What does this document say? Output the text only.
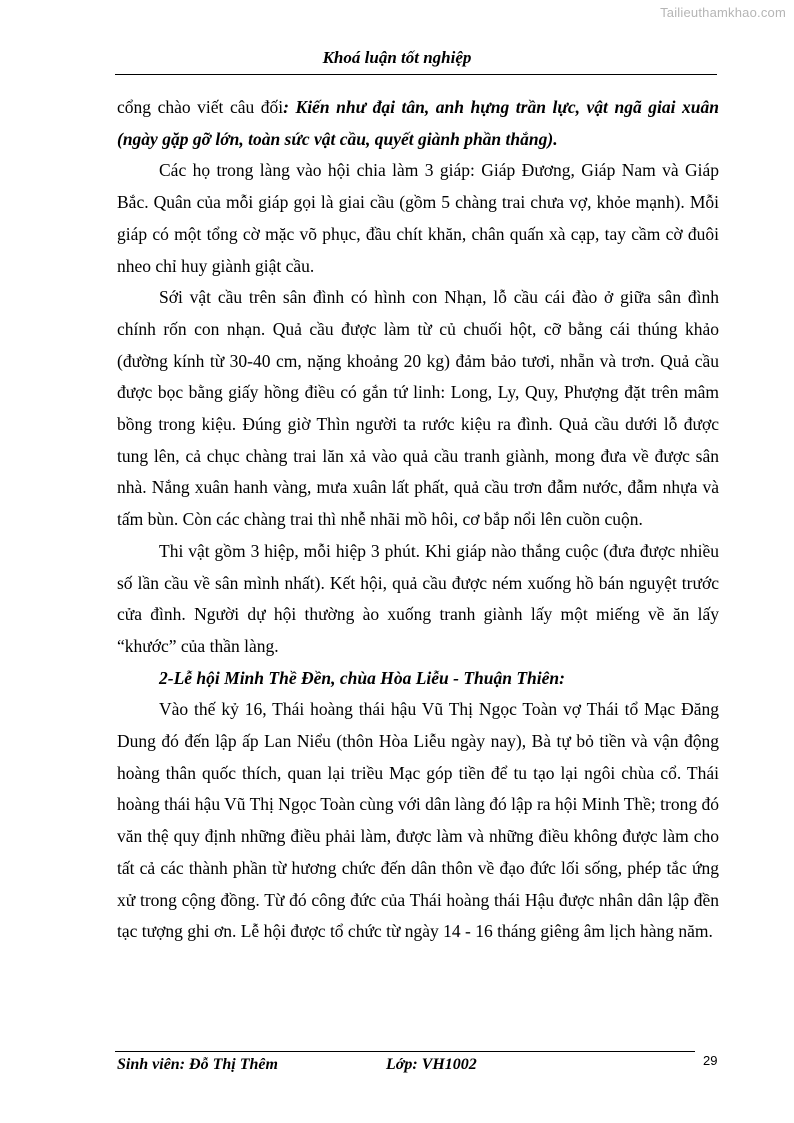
Tailieuthamkhao.com
Khoá luận tốt nghiệp

cổng chào viết câu đối: Kiến như đại tân, anh hựng trần lực, vật ngã giai xuân (ngày gặp gỡ lớn, toàn sức vật cầu, quyết giành phần thắng).

Các họ trong làng vào hội chia làm 3 giáp: Giáp Đương, Giáp Nam và Giáp Bắc. Quân của mỗi giáp gọi là giai cầu (gồm 5 chàng trai chưa vợ, khỏe mạnh). Mỗi giáp có một tổng cờ mặc võ phục, đầu chít khăn, chân quấn xà cạp, tay cầm cờ đuôi nheo chỉ huy giành giật cầu.

Sới vật cầu trên sân đình có hình con Nhạn, lỗ cầu cái đào ở giữa sân đình chính rốn con nhạn. Quả cầu được làm từ củ chuối hột, cỡ bằng cái thúng khảo (đường kính từ 30-40 cm, nặng khoảng 20 kg) đảm bảo tươi, nhẵn và trơn. Quả cầu được bọc bằng giấy hồng điều có gắn tứ linh: Long, Ly, Quy, Phượng đặt trên mâm bồng trong kiệu. Đúng giờ Thìn người ta rước kiệu ra đình. Quả cầu dưới lỗ được tung lên, cả chục chàng trai lăn xả vào quả cầu tranh giành, mong đưa về được sân nhà. Nắng xuân hanh vàng, mưa xuân lất phất, quả cầu trơn đẫm nước, đẫm nhựa và tấm bùn. Còn các chàng trai thì nhễ nhãi mồ hôi, cơ bắp nổi lên cuồn cuộn.

Thi vật gồm 3 hiệp, mỗi hiệp 3 phút. Khi giáp nào thắng cuộc (đưa được nhiều số lần cầu về sân mình nhất). Kết hội, quả cầu được ném xuống hồ bán nguyệt trước cửa đình. Người dự hội thường ào xuống tranh giành lấy một miếng về ăn lấy “khước” của thần làng.

2-Lễ hội Minh Thề Đền, chùa Hòa Liễu - Thuận Thiên:

Vào thế kỷ 16, Thái hoàng thái hậu Vũ Thị Ngọc Toàn vợ Thái tổ Mạc Đăng Dung đó đến lập ấp Lan Niểu (thôn Hòa Liễu ngày nay), Bà tự bỏ tiền và vận động hoàng thân quốc thích, quan lại triều Mạc góp tiền để tu tạo lại ngôi chùa cổ. Thái hoàng thái hậu Vũ Thị Ngọc Toàn cùng với dân làng đó lập ra hội Minh Thề; trong đó văn thệ quy định những điều phải làm, được làm và những điều không được làm cho tất cả các thành phần từ hương chức đến dân thôn về đạo đức lối sống, phép tắc ứng xử trong cộng đồng. Từ đó công đức của Thái hoàng thái Hậu được nhân dân lập đền tạc tượng ghi ơn. Lễ hội được tổ chức từ ngày 14 - 16 tháng giêng âm lịch hàng năm.

Sinh viên: Đỗ Thị Thêm	Lớp: VH1002	29
